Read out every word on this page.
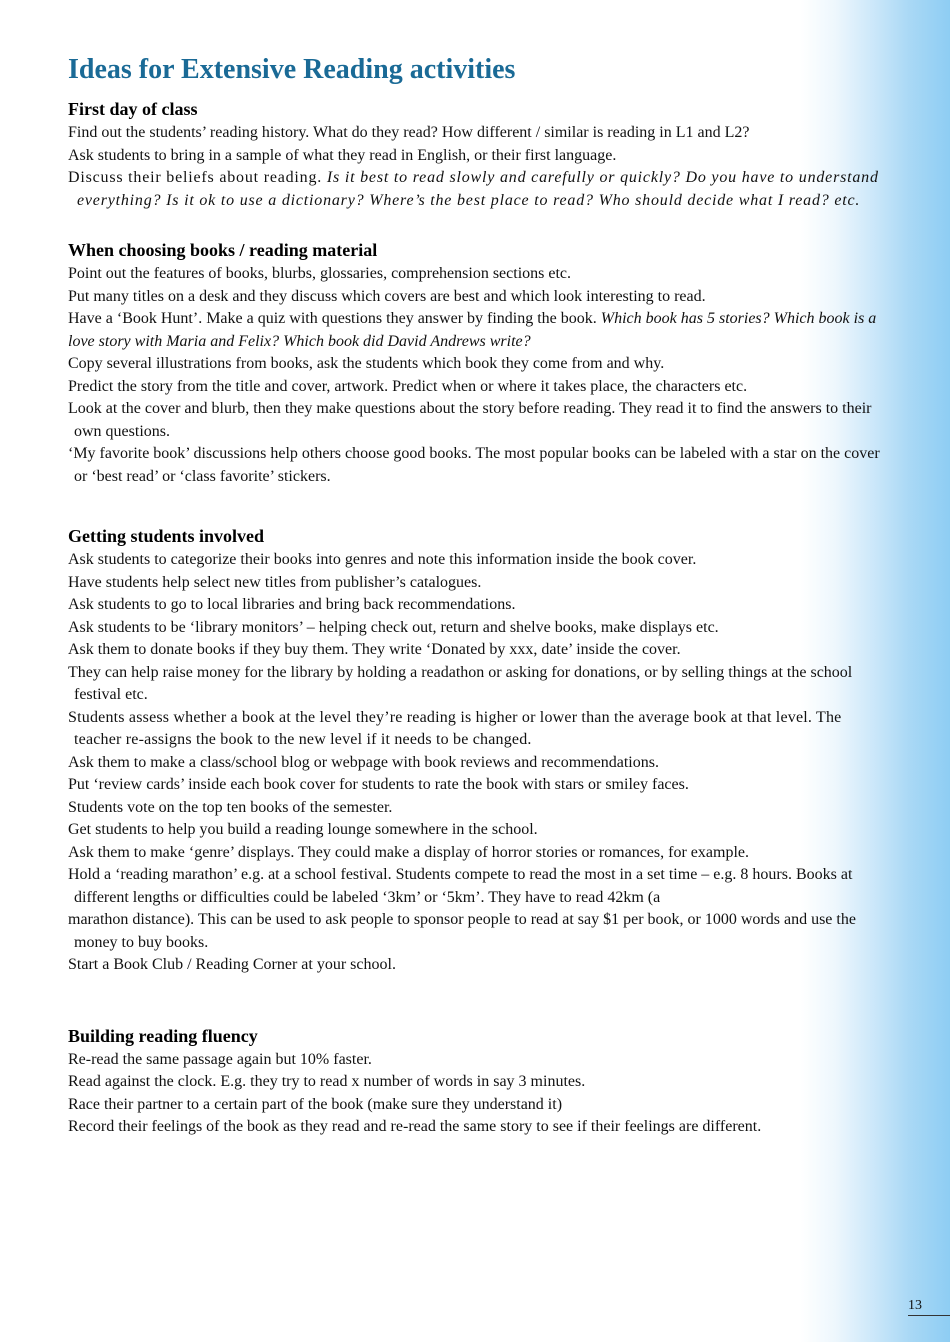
Ideas for Extensive Reading activities
First day of class

Find out the students’ reading history. What do they read? How different / similar is reading in L1 and L2?

Ask students to bring in a sample of what they read in English, or their first language.

Discuss their beliefs about reading. Is it best to read slowly and carefully or quickly? Do you have to understand everything? Is it ok to use a dictionary? Where’s the best place to read? Who should decide what I read? etc.

When choosing books / reading material

Point out the features of books, blurbs, glossaries, comprehension sections etc.

Put many titles on a desk and they discuss which covers are best and which look interesting to read.

Have a ‘Book Hunt’. Make a quiz with questions they answer by finding the book. Which book has 5 stories? Which book is a love story with Maria and Felix? Which book did David Andrews write?

Copy several illustrations from books, ask the students which book they come from and why.

Predict the story from the title and cover, artwork. Predict when or where it takes place, the characters etc.

Look at the cover and blurb, then they make questions about the story before reading. They read it to find the answers to their own questions.

‘My favorite book’ discussions help others choose good books. The most popular books can be labeled with a star on the cover or ‘best read’ or ‘class favorite’ stickers.

Getting students involved

Ask students to categorize their books into genres and note this information inside the book cover.

Have students help select new titles from publisher’s catalogues.

Ask students to go to local libraries and bring back recommendations.

Ask students to be ‘library monitors’ – helping check out, return and shelve books, make displays etc.

Ask them to donate books if they buy them. They write ‘Donated by xxx, date’ inside the cover.

They can help raise money for the library by holding a readathon or asking for donations, or by selling things at the school festival etc.

Students assess whether a book at the level they’re reading is higher or lower than the average book at that level. The teacher re-assigns the book to the new level if it needs to be changed.

Ask them to make a class/school blog or webpage with book reviews and recommendations.

Put ‘review cards’ inside each book cover for students to rate the book with stars or smiley faces.

Students vote on the top ten books of the semester.

Get students to help you build a reading lounge somewhere in the school.

Ask them to make ‘genre’ displays. They could make a display of horror stories or romances, for example.

Hold a ‘reading marathon’ e.g. at a school festival. Students compete to read the most in a set time – e.g. 8 hours. Books at different lengths or difficulties could be labeled ‘3km’ or ‘5km’. They have to read 42km (a

marathon distance). This can be used to ask people to sponsor people to read at say $1 per book, or 1000 words and use the money to buy books.

Start a Book Club / Reading Corner at your school.

Building reading fluency

Re-read the same passage again but 10% faster.

Read against the clock. E.g. they try to read x number of words in say 3 minutes.

Race their partner to a certain part of the book (make sure they understand it)

Record their feelings of the book as they read and re-read the same story to see if their feelings are different.

13
